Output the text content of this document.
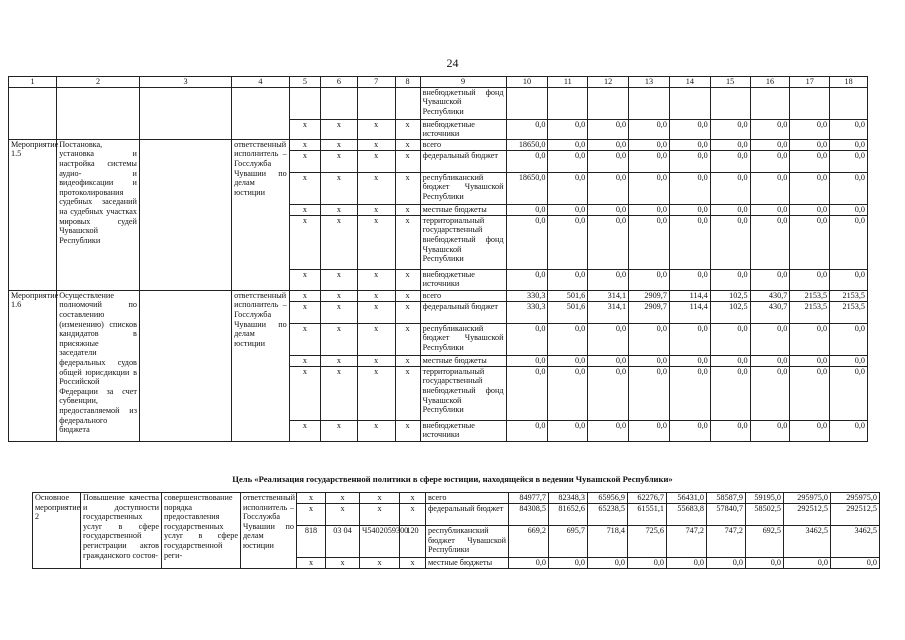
24
1	2	3	4	5	6	7	8	9	10	11	12	13	14	15	16	17	18
								внебюджетный фонд Чувашской Республики									
				х	х	х	х	внебюджетные источники	0,0	0,0	0,0	0,0	0,0	0,0	0,0	0,0	0,0
Мероприятие 1.5	Постановка, установка и настройка системы аудио- и видеофиксации и протоколирования судебных заседаний на судебных участках мировых судей Чувашской Республики		ответственный исполнитель – Госслужба Чувашии по делам юстиции	х	х	х	х	всего	18650,0	0,0	0,0	0,0	0,0	0,0	0,0	0,0	0,0
				х	х	х	х	федеральный бюджет	0,0	0,0	0,0	0,0	0,0	0,0	0,0	0,0	0,0
				х	х	х	х	республиканский бюджет Чувашской Республики	18650,0	0,0	0,0	0,0	0,0	0,0	0,0	0,0	0,0
				х	х	х	х	местные бюджеты	0,0	0,0	0,0	0,0	0,0	0,0	0,0	0,0	0,0
				х	х	х	х	территориальный государственный внебюджетный фонд Чувашской Республики	0,0	0,0	0,0	0,0	0,0	0,0	0,0	0,0	0,0
				х	х	х	х	внебюджетные источники	0,0	0,0	0,0	0,0	0,0	0,0	0,0	0,0	0,0
Мероприятие 1.6	Осуществление полномочий по составлению (изменению) списков кандидатов в присяжные заседатели федеральных судов общей юрисдикции в Российской Федерации за счет субвенции, предоставляемой из федерального бюджета		ответственный исполнитель – Госслужба Чувашии по делам юстиции	х	х	х	х	всего	330,3	501,6	314,1	2909,7	114,4	102,5	430,7	2153,5	2153,5
				х	х	х	х	федеральный бюджет	330,3	501,6	314,1	2909,7	114,4	102,5	430,7	2153,5	2153,5
				х	х	х	х	республиканский бюджет Чувашской Республики	0,0	0,0	0,0	0,0	0,0	0,0	0,0	0,0	0,0
				х	х	х	х	местные бюджеты	0,0	0,0	0,0	0,0	0,0	0,0	0,0	0,0	0,0
				х	х	х	х	территориальный государственный внебюджетный фонд Чувашской Республики	0,0	0,0	0,0	0,0	0,0	0,0	0,0	0,0	0,0
				х	х	х	х	внебюджетные источники	0,0	0,0	0,0	0,0	0,0	0,0	0,0	0,0	0,0
Цель «Реализация государственной политики в сфере юстиции, находящейся в ведении Чувашской Республики»
Основное мероприятие 2	Повышение качества и доступности государственных услуг в сфере государственной регистрации актов гражданского состоя-	совершенствование порядка предоставления государственных услуг в сфере государственной реги-	ответственный исполнитель – Госслужба Чувашии по делам юстиции	х	х	х	х	всего	84977,7	82348,3	65956,9	62276,7	56431,0	58587,9	59195,0	295975,0	295975,0
				х	х	х	х	федеральный бюджет	84308,5	81652,6	65238,5	61551,1	55683,8	57840,7	58502,5	292512,5	292512,5
				818	03 04	Ч5402059300	120	республиканский бюджет Чувашской Республики	669,2	695,7	718,4	725,6	747,2	747,2	692,5	3462,5	3462,5
				х	х	х	х	местные бюджеты	0,0	0,0	0,0	0,0	0,0	0,0	0,0	0,0	0,0
